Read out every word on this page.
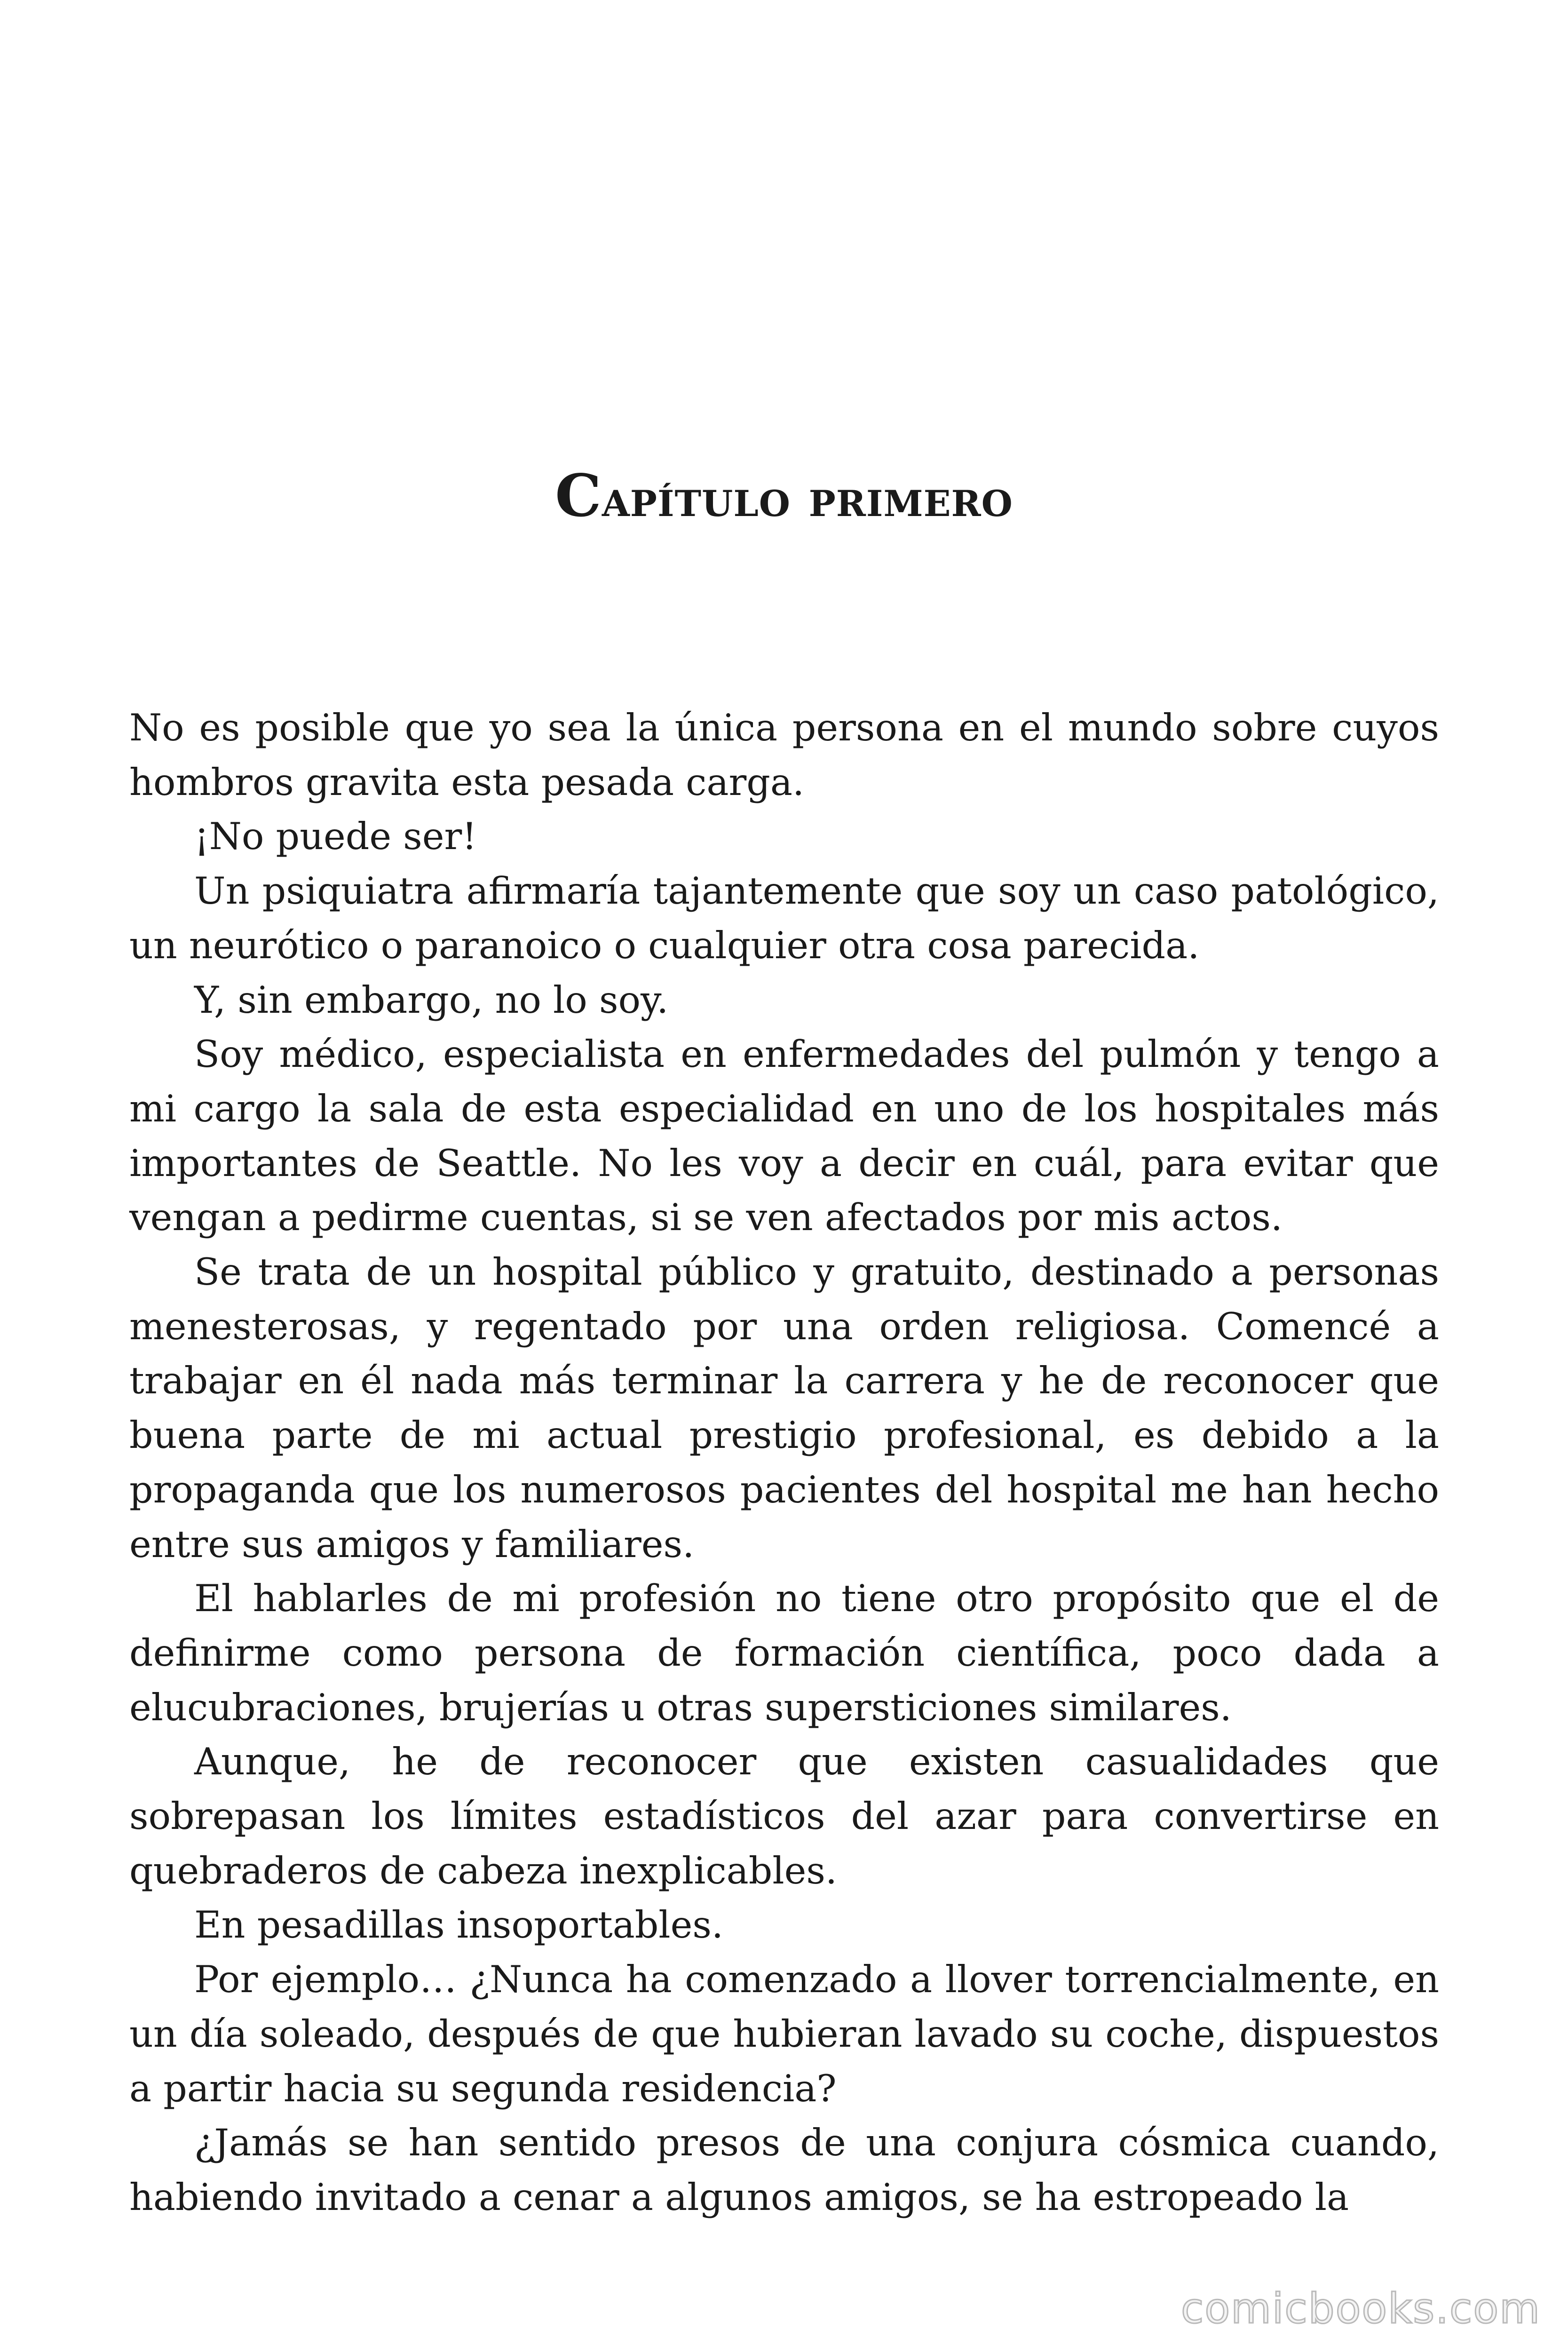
Capítulo primero

No es posible que yo sea la única persona en el mundo sobre cuyos hombros gravita esta pesada carga.

¡No puede ser!

Un psiquiatra afirmaría tajantemente que soy un caso patológico, un neurótico o paranoico o cualquier otra cosa parecida.

Y, sin embargo, no lo soy.

Soy médico, especialista en enfermedades del pulmón y tengo a mi cargo la sala de esta especialidad en uno de los hospitales más importantes de Seattle. No les voy a decir en cuál, para evitar que vengan a pedirme cuentas, si se ven afectados por mis actos.

Se trata de un hospital público y gratuito, destinado a personas menesterosas, y regentado por una orden religiosa. Comencé a trabajar en él nada más terminar la carrera y he de reconocer que buena parte de mi actual prestigio profesional, es debido a la propaganda que los numerosos pacientes del hospital me han hecho entre sus amigos y familiares.

El hablarles de mi profesión no tiene otro propósito que el de definirme como persona de formación científica, poco dada a elucubraciones, brujerías u otras supersticiones similares.

Aunque, he de reconocer que existen casualidades que sobrepasan los límites estadísticos del azar para convertirse en quebraderos de cabeza inexplicables.

En pesadillas insoportables.

Por ejemplo… ¿Nunca ha comenzado a llover torrencialmente, en un día soleado, después de que hubieran lavado su coche, dispuestos a partir hacia su segunda residencia?

¿Jamás se han sentido presos de una conjura cósmica cuando, habiendo invitado a cenar a algunos amigos, se ha estropeado la

comicbooks.com
